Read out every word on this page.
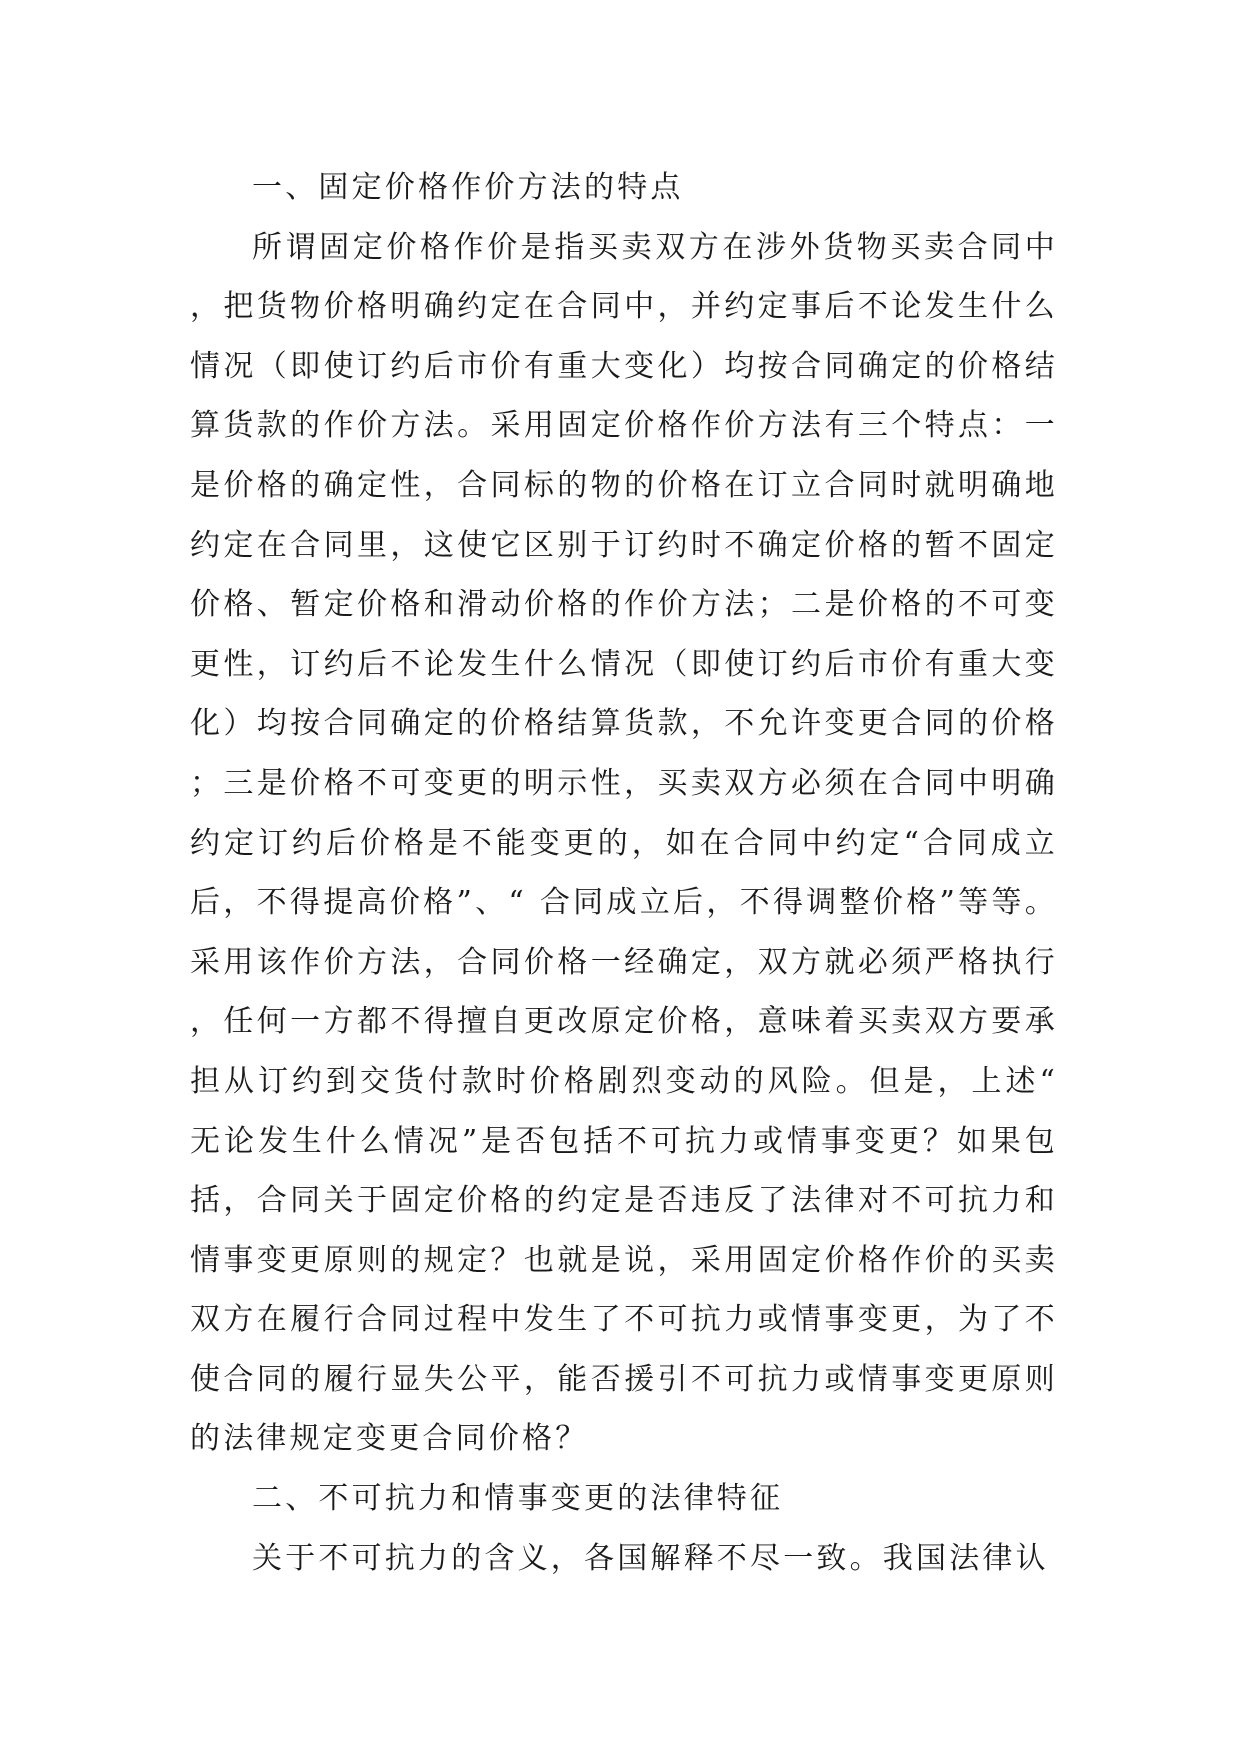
一、固定价格作价方法的特点

所谓固定价格作价是指买卖双方在涉外货物买卖合同中，把货物价格明确约定在合同中，并约定事后不论发生什么情况（即使订约后市价有重大变化）均按合同确定的价格结算货款的作价方法。采用固定价格作价方法有三个特点：一是价格的确定性，合同标的物的价格在订立合同时就明确地约定在合同里，这使它区别于订约时不确定价格的暂不固定价格、暂定价格和滑动价格的作价方法；二是价格的不可变更性，订约后不论发生什么情况（即使订约后市价有重大变化）均按合同确定的价格结算货款，不允许变更合同的价格；三是价格不可变更的明示性，买卖双方必须在合同中明确约定订约后价格是不能变更的，如在合同中约定“合同成立后，不得提高价格”、“ 合同成立后，不得调整价格”等等。采用该作价方法，合同价格一经确定，双方就必须严格执行，任何一方都不得擅自更改原定价格，意味着买卖双方要承担从订约到交货付款时价格剧烈变动的风险。但是，上述“无论发生什么情况”是否包括不可抗力或情事变更？如果包括，合同关于固定价格的约定是否违反了法律对不可抗力和情事变更原则的规定？也就是说，采用固定价格作价的买卖双方在履行合同过程中发生了不可抗力或情事变更，为了不使合同的履行显失公平，能否援引不可抗力或情事变更原则的法律规定变更合同价格？

二、不可抗力和情事变更的法律特征

关于不可抗力的含义，各国解释不尽一致。我国法律认
